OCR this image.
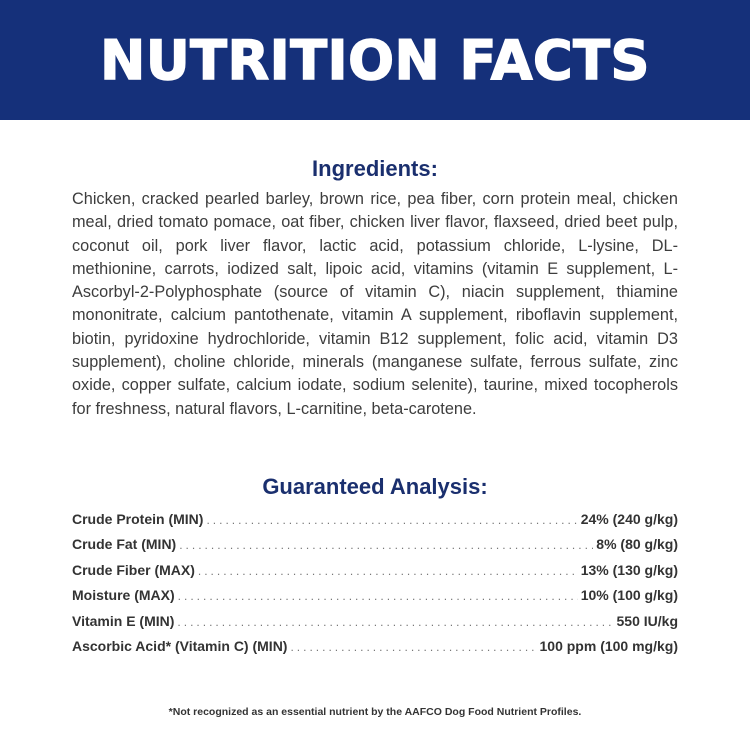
NUTRITION FACTS
Ingredients:

Chicken, cracked pearled barley, brown rice, pea fiber, corn protein meal, chicken meal, dried tomato pomace, oat fiber, chicken liver flavor, flaxseed, dried beet pulp, coconut oil, pork liver flavor, lactic acid, potassium chloride, L-lysine, DL-methionine, carrots, iodized salt, lipoic acid, vitamins (vitamin E supplement, L-Ascorbyl-2-Polyphosphate (source of vitamin C), niacin supplement, thiamine mononitrate, calcium pantothenate, vitamin A supplement, riboflavin supplement, biotin, pyridoxine hydrochloride, vitamin B12 supplement, folic acid, vitamin D3 supplement), choline chloride, minerals (manganese sulfate, ferrous sulfate, zinc oxide, copper sulfate, calcium iodate, sodium selenite), taurine, mixed tocopherols for freshness, natural flavors, L-carnitine, beta-carotene.

Guaranteed Analysis:
Crude Protein (MIN) .....	24% (240 g/kg)
Crude Fat (MIN) .....	8% (80 g/kg)
Crude Fiber (MAX) .....	13% (130 g/kg)
Moisture (MAX) .....	10% (100 g/kg)
Vitamin E (MIN) .....	550 IU/kg
Ascorbic Acid* (Vitamin C) (MIN) .....	100 ppm (100 mg/kg)

*Not recognized as an essential nutrient by the AAFCO Dog Food Nutrient Profiles.
